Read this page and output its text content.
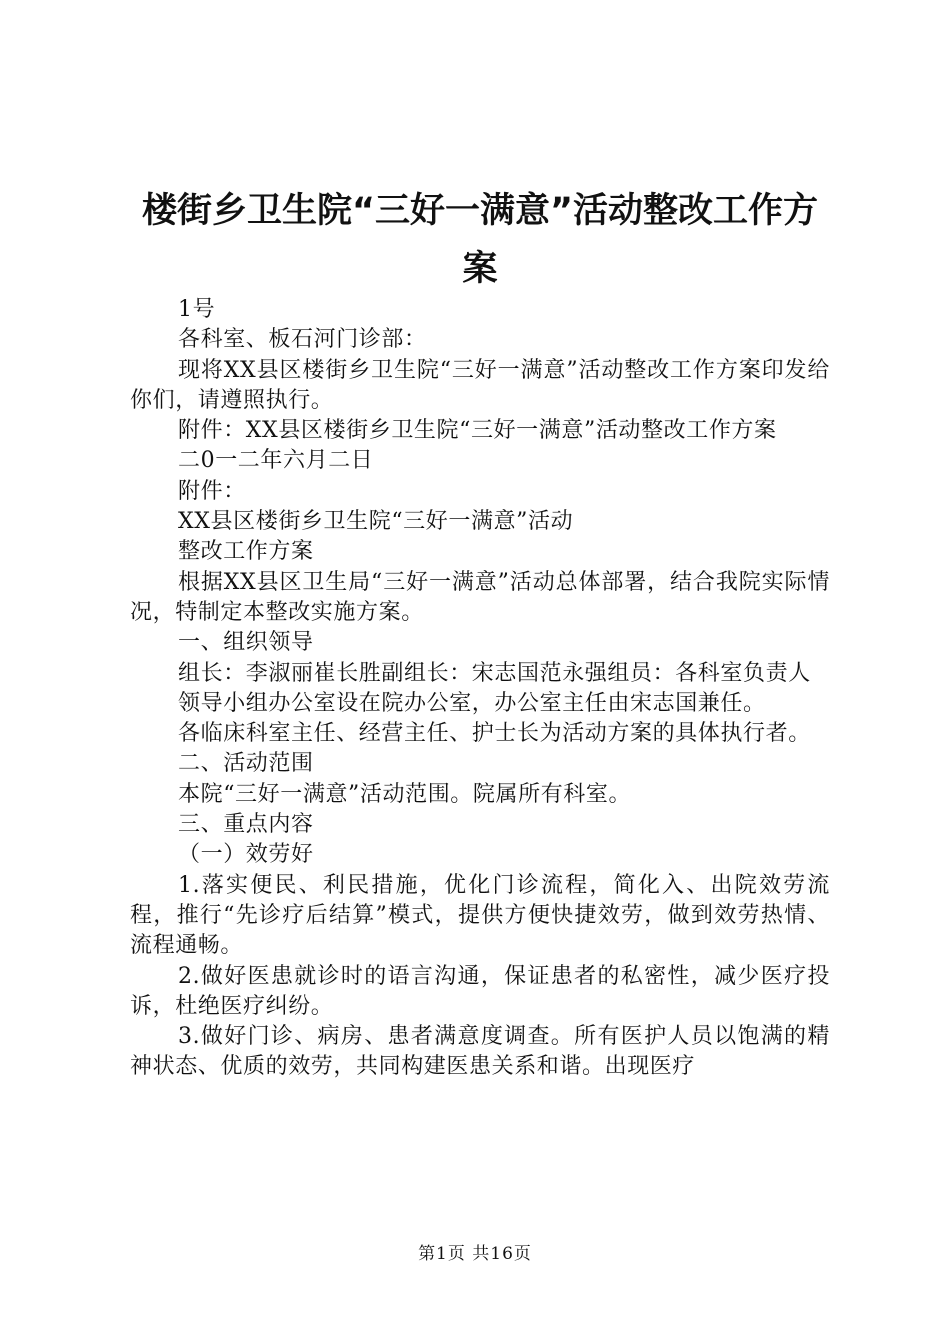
楼街乡卫生院“三好一满意”活动整改工作方
案

1号

各科室、板石河门诊部：

现将XX县区楼街乡卫生院“三好一满意”活动整改工作方案印发给你们，请遵照执行。

附件：XX县区楼街乡卫生院“三好一满意”活动整改工作方案

二0一二年六月二日

附件：

XX县区楼街乡卫生院“三好一满意”活动

整改工作方案

根据XX县区卫生局“三好一满意”活动总体部署，结合我院实际情况，特制定本整改实施方案。

一、组织领导

组长：李淑丽崔长胜副组长：宋志国范永强组员：各科室负责人

领导小组办公室设在院办公室，办公室主任由宋志国兼任。

各临床科室主任、经营主任、护士长为活动方案的具体执行者。

二、活动范围

本院“三好一满意”活动范围。院属所有科室。

三、重点内容

（一）效劳好

1.落实便民、利民措施，优化门诊流程，简化入、出院效劳流程，推行“先诊疗后结算”模式，提供方便快捷效劳，做到效劳热情、流程通畅。

2.做好医患就诊时的语言沟通，保证患者的私密性，减少医疗投诉，杜绝医疗纠纷。

3.做好门诊、病房、患者满意度调查。所有医护人员以饱满的精神状态、优质的效劳，共同构建医患关系和谐。出现医疗

第1页 共16页
